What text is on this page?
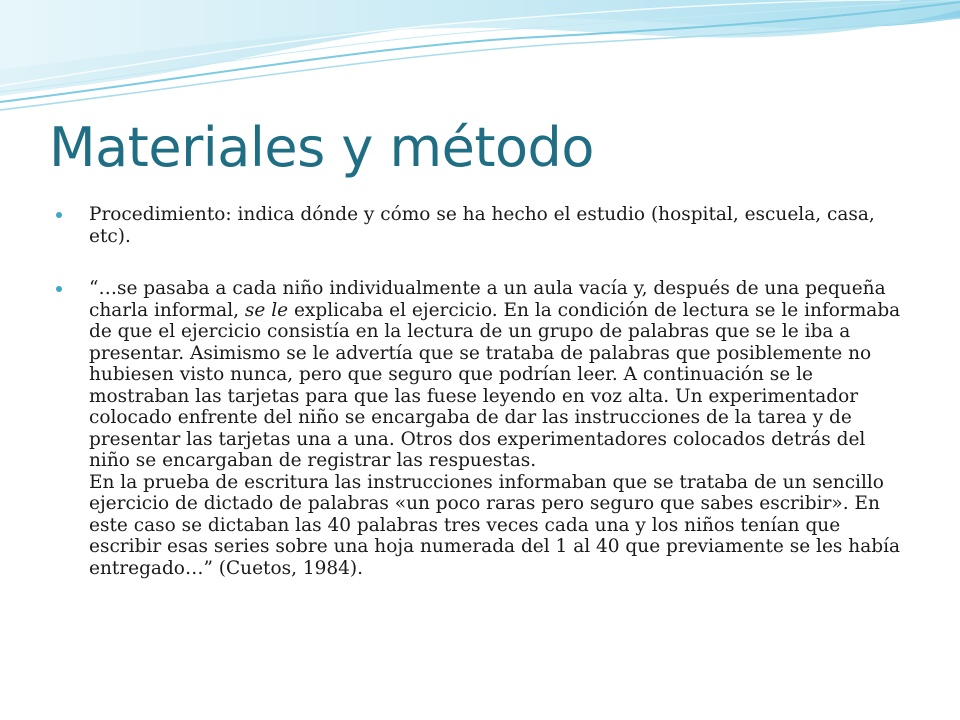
Materiales y método
Procedimiento: indica dónde y cómo se ha hecho el estudio (hospital, escuela, casa, etc).
“…se pasaba a cada niño individualmente a un aula vacía y, después de una pequeña charla informal, se le explicaba el ejercicio. En la condición de lectura se le informaba de que el ejercicio consistía en la lectura de un grupo de palabras que se le iba a presentar. Asimismo se le advertía que se trataba de palabras que posiblemente no hubiesen visto nunca, pero que seguro que podrían leer. A continuación se le mostraban las tarjetas para que las fuese leyendo en voz alta. Un experimentador colocado enfrente del niño se encargaba de dar las instrucciones de la tarea y de presentar las tarjetas una a una. Otros dos experimentadores colocados detrás del niño se encargaban de registrar las respuestas.
En la prueba de escritura las instrucciones informaban que se trataba de un sencillo ejercicio de dictado de palabras «un poco raras pero seguro que sabes escribir». En este caso se dictaban las 40 palabras tres veces cada una y los niños tenían que escribir esas series sobre una hoja numerada del 1 al 40 que previamente se les había entregado…” (Cuetos, 1984).
